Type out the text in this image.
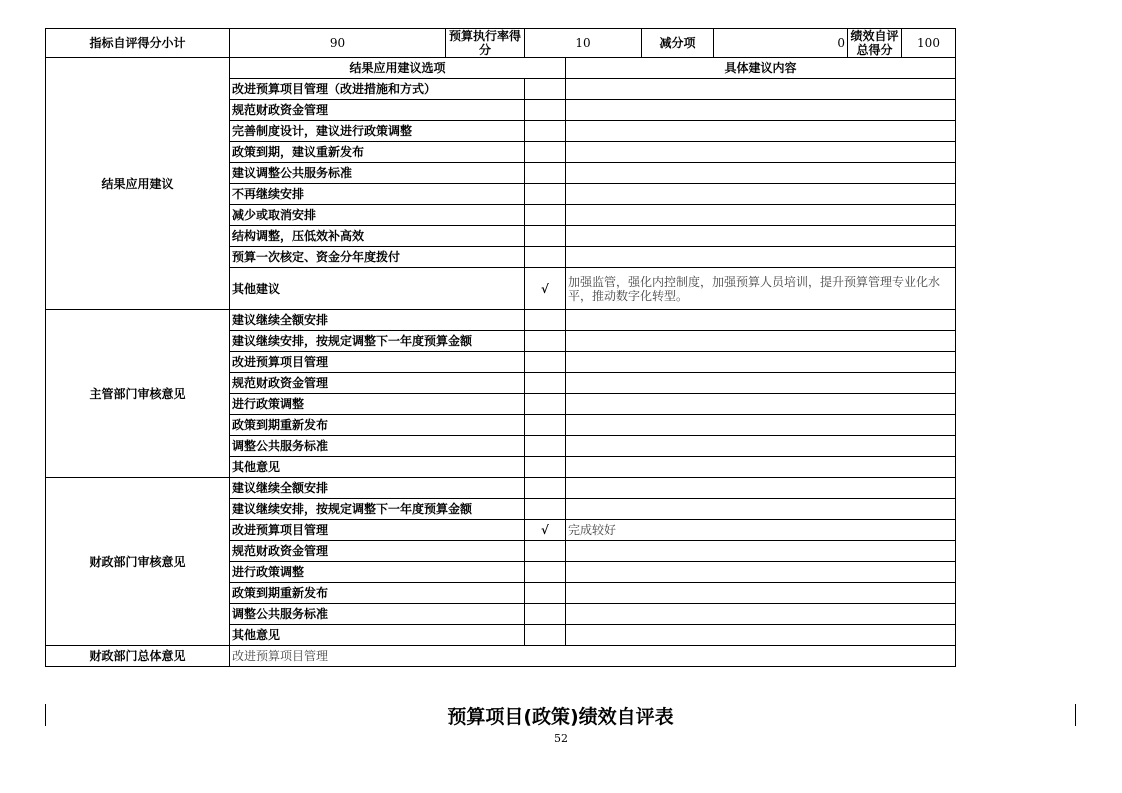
指标自评得分小计	90	预算执行率得分	10		减分项	0	绩效自评总得分	100
结果应用建议	结果应用建议选项			具体建议内容				
	改进预算项目管理（改进措施和方式）							
	规范财政资金管理							
	完善制度设计，建议进行政策调整							
	政策到期，建议重新发布							
	建议调整公共服务标准							
	不再继续安排							
	减少或取消安排							
	结构调整，压低效补高效							
	预算一次核定、资金分年度拨付							
	其他建议		√	加强监管，强化内控制度，加强预算人员培训，提升预算管理专业化水平，推动数字化转型。				
主管部门审核意见	建议继续全额安排							
	建议继续安排，按规定调整下一年度预算金额							
	改进预算项目管理							
	规范财政资金管理							
	进行政策调整							
	政策到期重新发布							
	调整公共服务标准							
	其他意见							
财政部门审核意见	建议继续全额安排							
	建议继续安排，按规定调整下一年度预算金额							
	改进预算项目管理		√	完成较好				
	规范财政资金管理							
	进行政策调整							
	政策到期重新发布							
	调整公共服务标准							
	其他意见							
财政部门总体意见	改进预算项目管理							
预算项目(政策)绩效自评表
52
